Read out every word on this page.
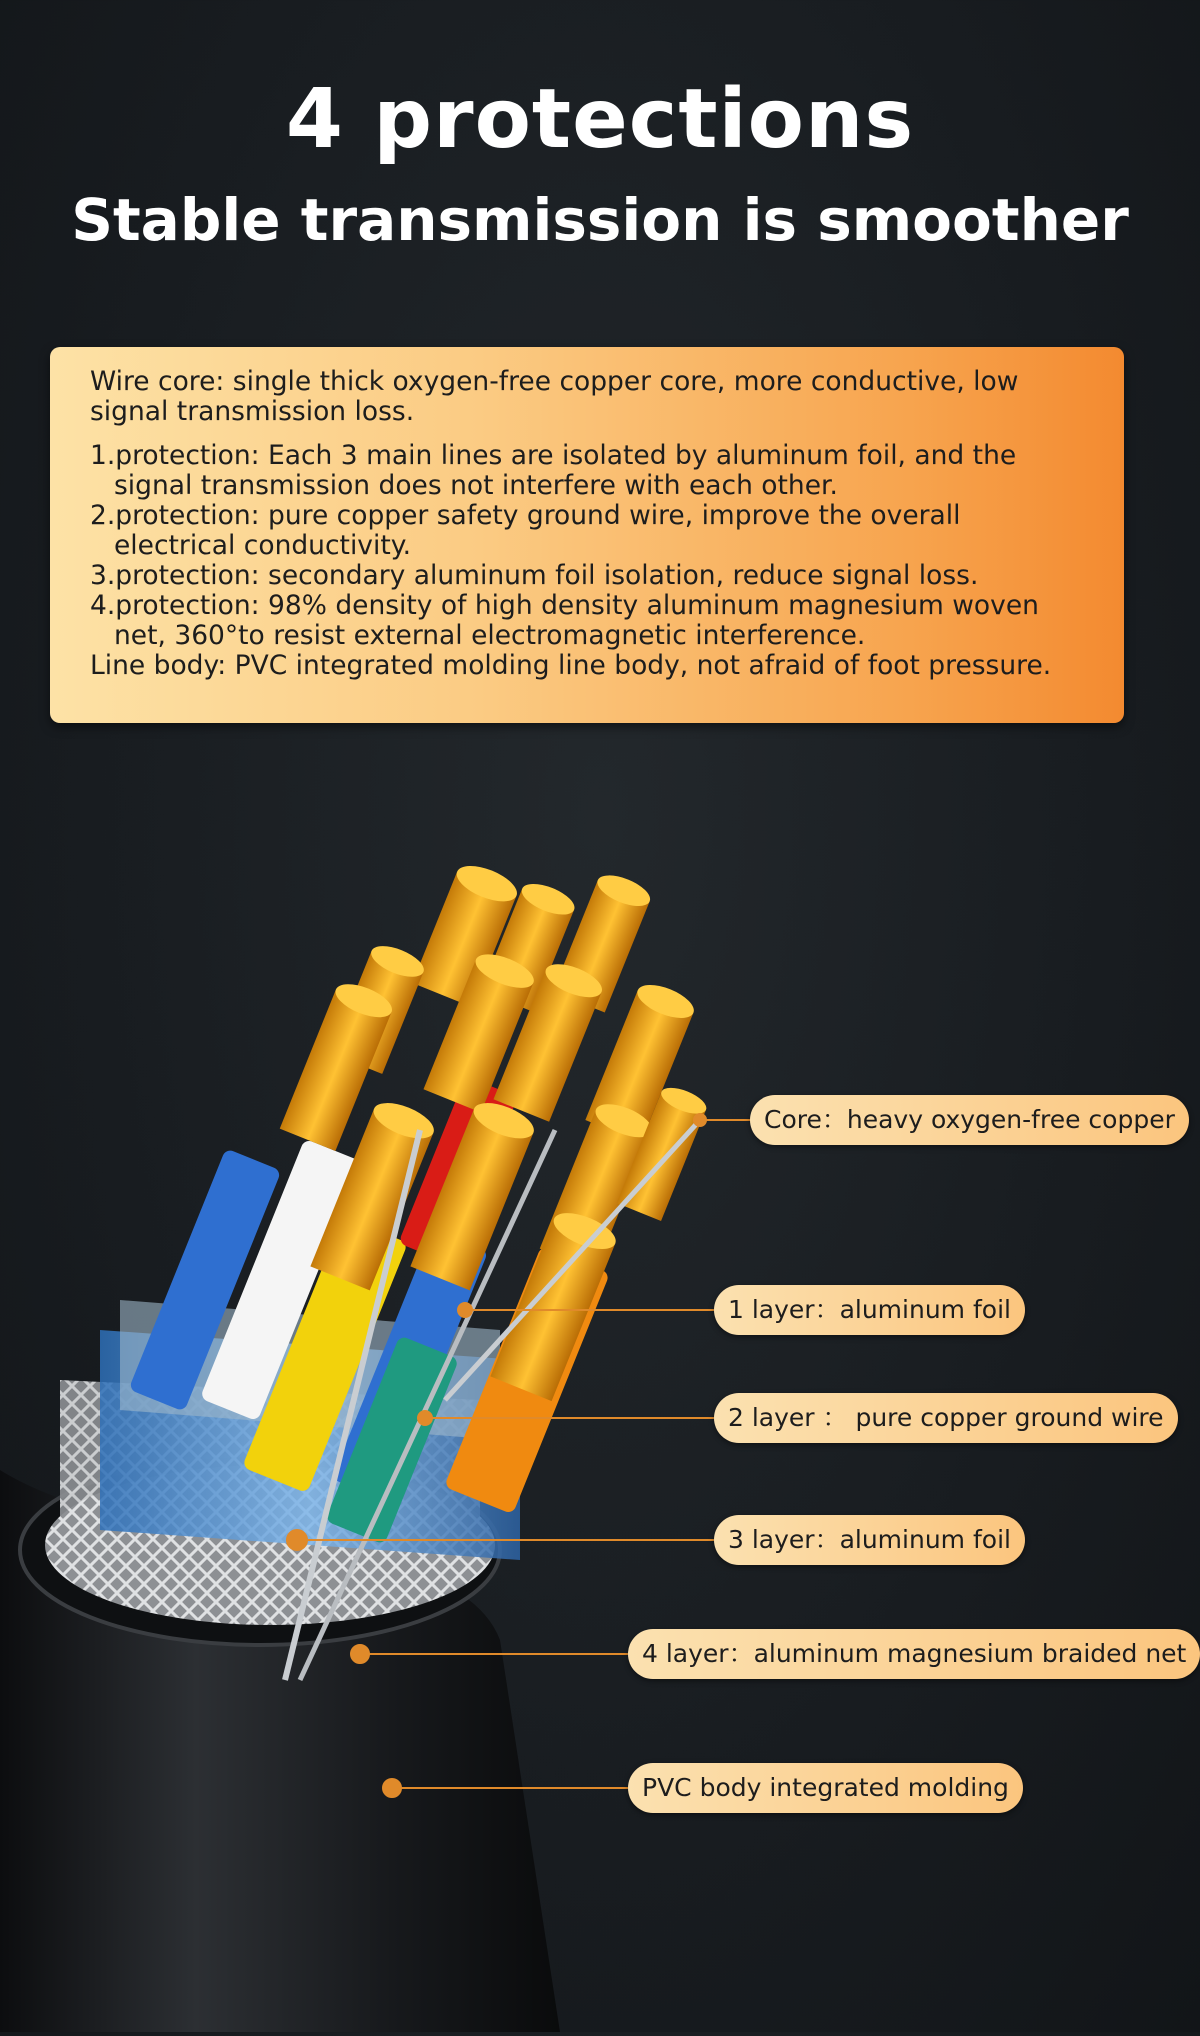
4 protections
Stable transmission is smoother

Wire core: single thick oxygen-free copper core, more conductive, low signal transmission loss.

1.protection: Each 3 main lines are isolated by aluminum foil, and the signal transmission does not interfere with each other.

2.protection: pure copper safety ground wire, improve the overall electrical conductivity.

3.protection: secondary aluminum foil isolation, reduce signal loss.

4.protection: 98% density of high density aluminum magnesium woven net, 360°to resist external electromagnetic interference.

Line body: PVC integrated molding line body, not afraid of foot pressure.

Core：heavy oxygen-free copper
1 layer：aluminum foil
2 layer ： pure copper ground wire
3 layer：aluminum foil
4 layer：aluminum magnesium braided net
PVC body integrated molding
